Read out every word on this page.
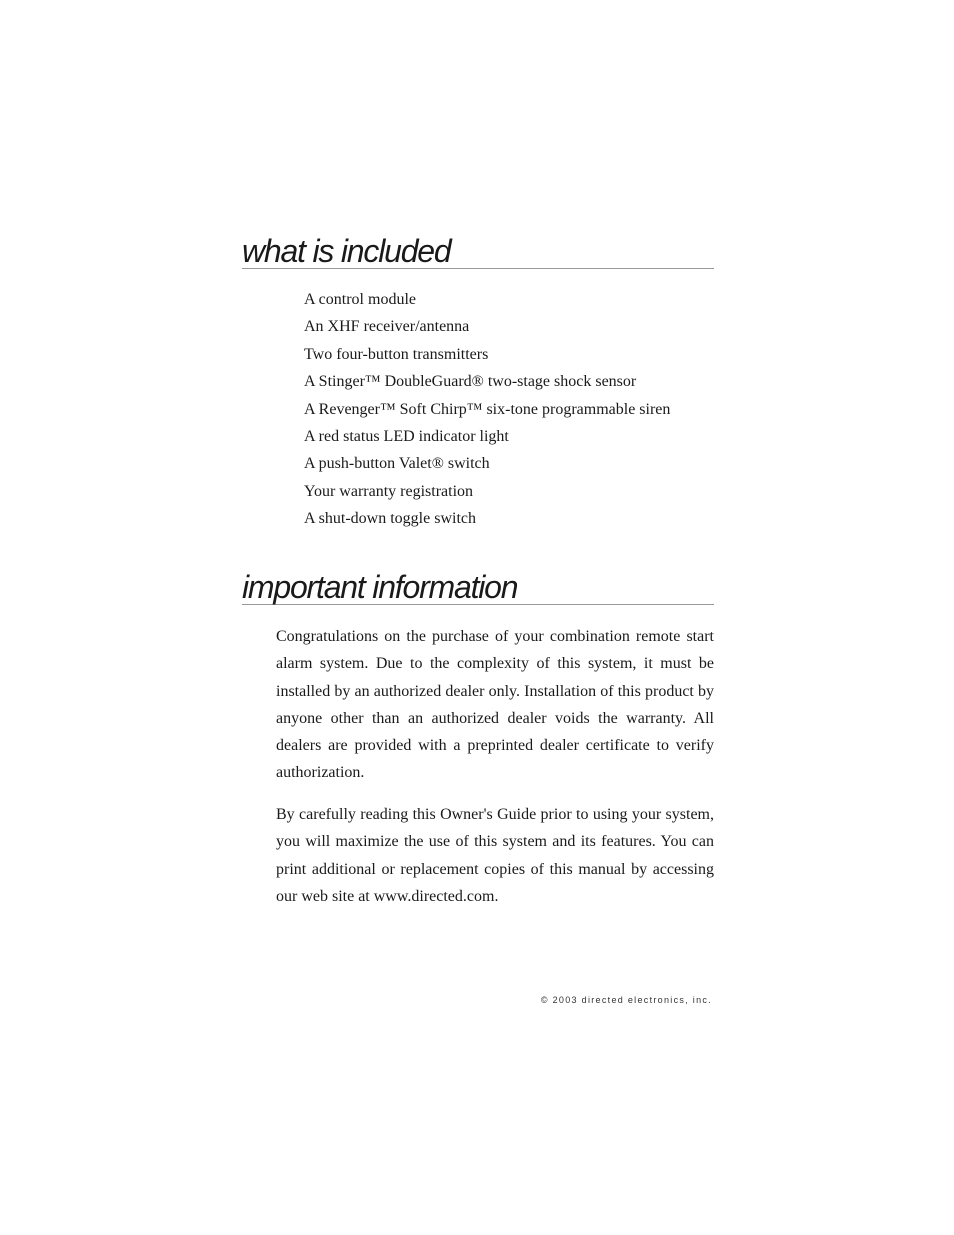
what is included
A control module
An XHF receiver/antenna
Two four-button transmitters
A Stinger™ DoubleGuard® two-stage shock sensor
A Revenger™ Soft Chirp™ six-tone programmable siren
A red status LED indicator light
A push-button Valet® switch
Your warranty registration
A shut-down toggle switch
important information

Congratulations on the purchase of your combination remote start alarm system. Due to the complexity of this system, it must be installed by an authorized dealer only. Installation of this product by anyone other than an authorized dealer voids the warranty. All dealers are provided with a preprinted dealer certificate to verify authorization.

By carefully reading this Owner's Guide prior to using your system, you will maximize the use of this system and its features. You can print additional or replacement copies of this manual by accessing our web site at www.directed.com.

© 2003 directed electronics, inc.
